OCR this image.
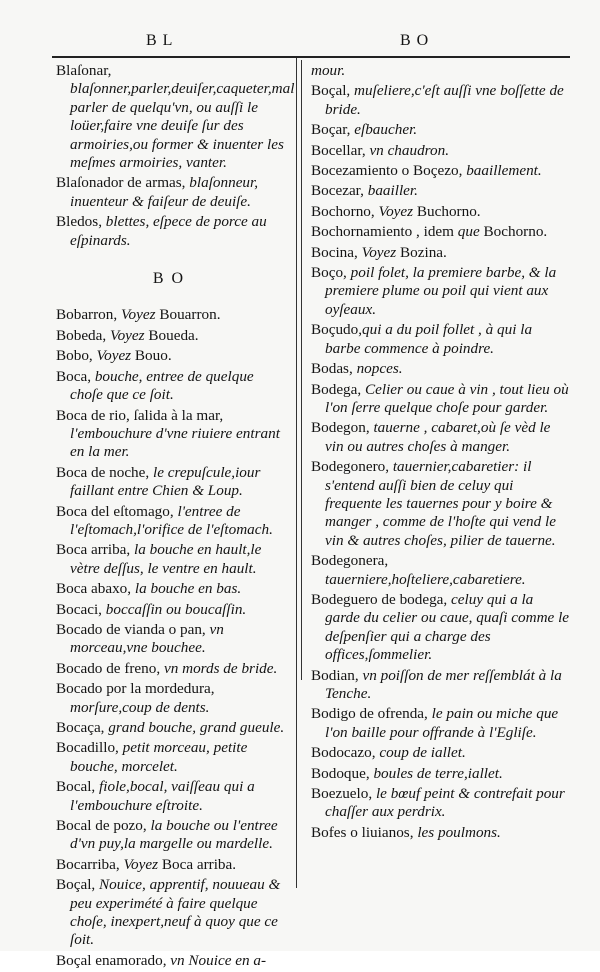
BL	BO
Blaſonar, blaſonner,parler,deuiſer,caqueter,mal parler de quelqu'vn, ou auſſi le loüer,faire vne deuiſe ſur des armoiries,ou former & inuenter les meſmes armoiries, vanter.
Blaſonador de armas, blaſonneur, inuenteur & faiſeur de deuiſe.
Bledos, blettes, eſpece de porce au eſpinards.
BO
Bobarron, Voyez Bouarron.
Bobeda, Voyez Boueda.
Bobo, Voyez Bouo.
Boca, bouche, entree de quelque choſe que ce ſoit.
Boca de rio, ſalida à la mar, l'embouchure d'vne riuiere entrant en la mer.
Boca de noche, le crepuſcule,iour faillant entre Chien & Loup.
Boca del eſtomago, l'entree de l'eſtomach,l'orifice de l'eſtomach.
Boca arriba, la bouche en hault,le vètre deſſus, le ventre en hault.
Boca abaxo, la bouche en bas.
Bocaci, boccaſſin ou boucaſſin.
Bocado de vianda o pan, vn morceau,vne bouchee.
Bocado de freno, vn mords de bride.
Bocado por la mordedura, morſure,coup de dents.
Bocaça, grand bouche, grand gueule.
Bocadillo, petit morceau, petite bouche, morcelet.
Bocal, fiole,bocal, vaiſſeau qui a l'embouchure eſtroite.
Bocal de pozo, la bouche ou l'entree d'vn puy,la margelle ou mardelle.
Bocarriba, Voyez Boca arriba.
Boçal, Nouice, apprentif, nouueau & peu experimété à faire quelque choſe, inexpert,neuf à quoy que ce ſoit.
Boçal enamorado, vn Nouice en a-
mour.
Boçal, muſeliere,c'eſt auſſi vne boſſette de bride.
Boçar, eſbaucher.
Bocellar, vn chaudron.
Bocezamiento o Boçezo, baaillement.
Bocezar, baailler.
Bochorno, Voyez Buchorno.
Bochornamiento , idem que Bochorno.
Bocina, Voyez Bozina.
Boço, poil folet, la premiere barbe, & la premiere plume ou poil qui vient aux oyſeaux.
Boçudo,qui a du poil follet , à qui la barbe commence à poindre.
Bodas, nopces.
Bodega, Celier ou caue à vin , tout lieu où l'on ſerre quelque choſe pour garder.
Bodegon, tauerne , cabaret,où ſe vèd le vin ou autres choſes à manger.
Bodegonero, tauernier,cabaretier: il s'entend auſſi bien de celuy qui frequente les tauernes pour y boire & manger , comme de l'hoſte qui vend le vin & autres choſes, pilier de tauerne.
Bodegonera, tauerniere,hoſteliere,cabaretiere.
Bodeguero de bodega, celuy qui a la garde du celier ou caue, quaſi comme le deſpenſier qui a charge des offices,ſommelier.
Bodian, vn poiſſon de mer reſſemblát à la Tenche.
Bodigo de ofrenda, le pain ou miche que l'on baille pour offrande à l'Egliſe.
Bodocazo, coup de iallet.
Bodoque, boules de terre,iallet.
Boezuelo, le bœuf peint & contrefait pour chaſſer aux perdrix.
Bofes o liuianos, les poulmons.
